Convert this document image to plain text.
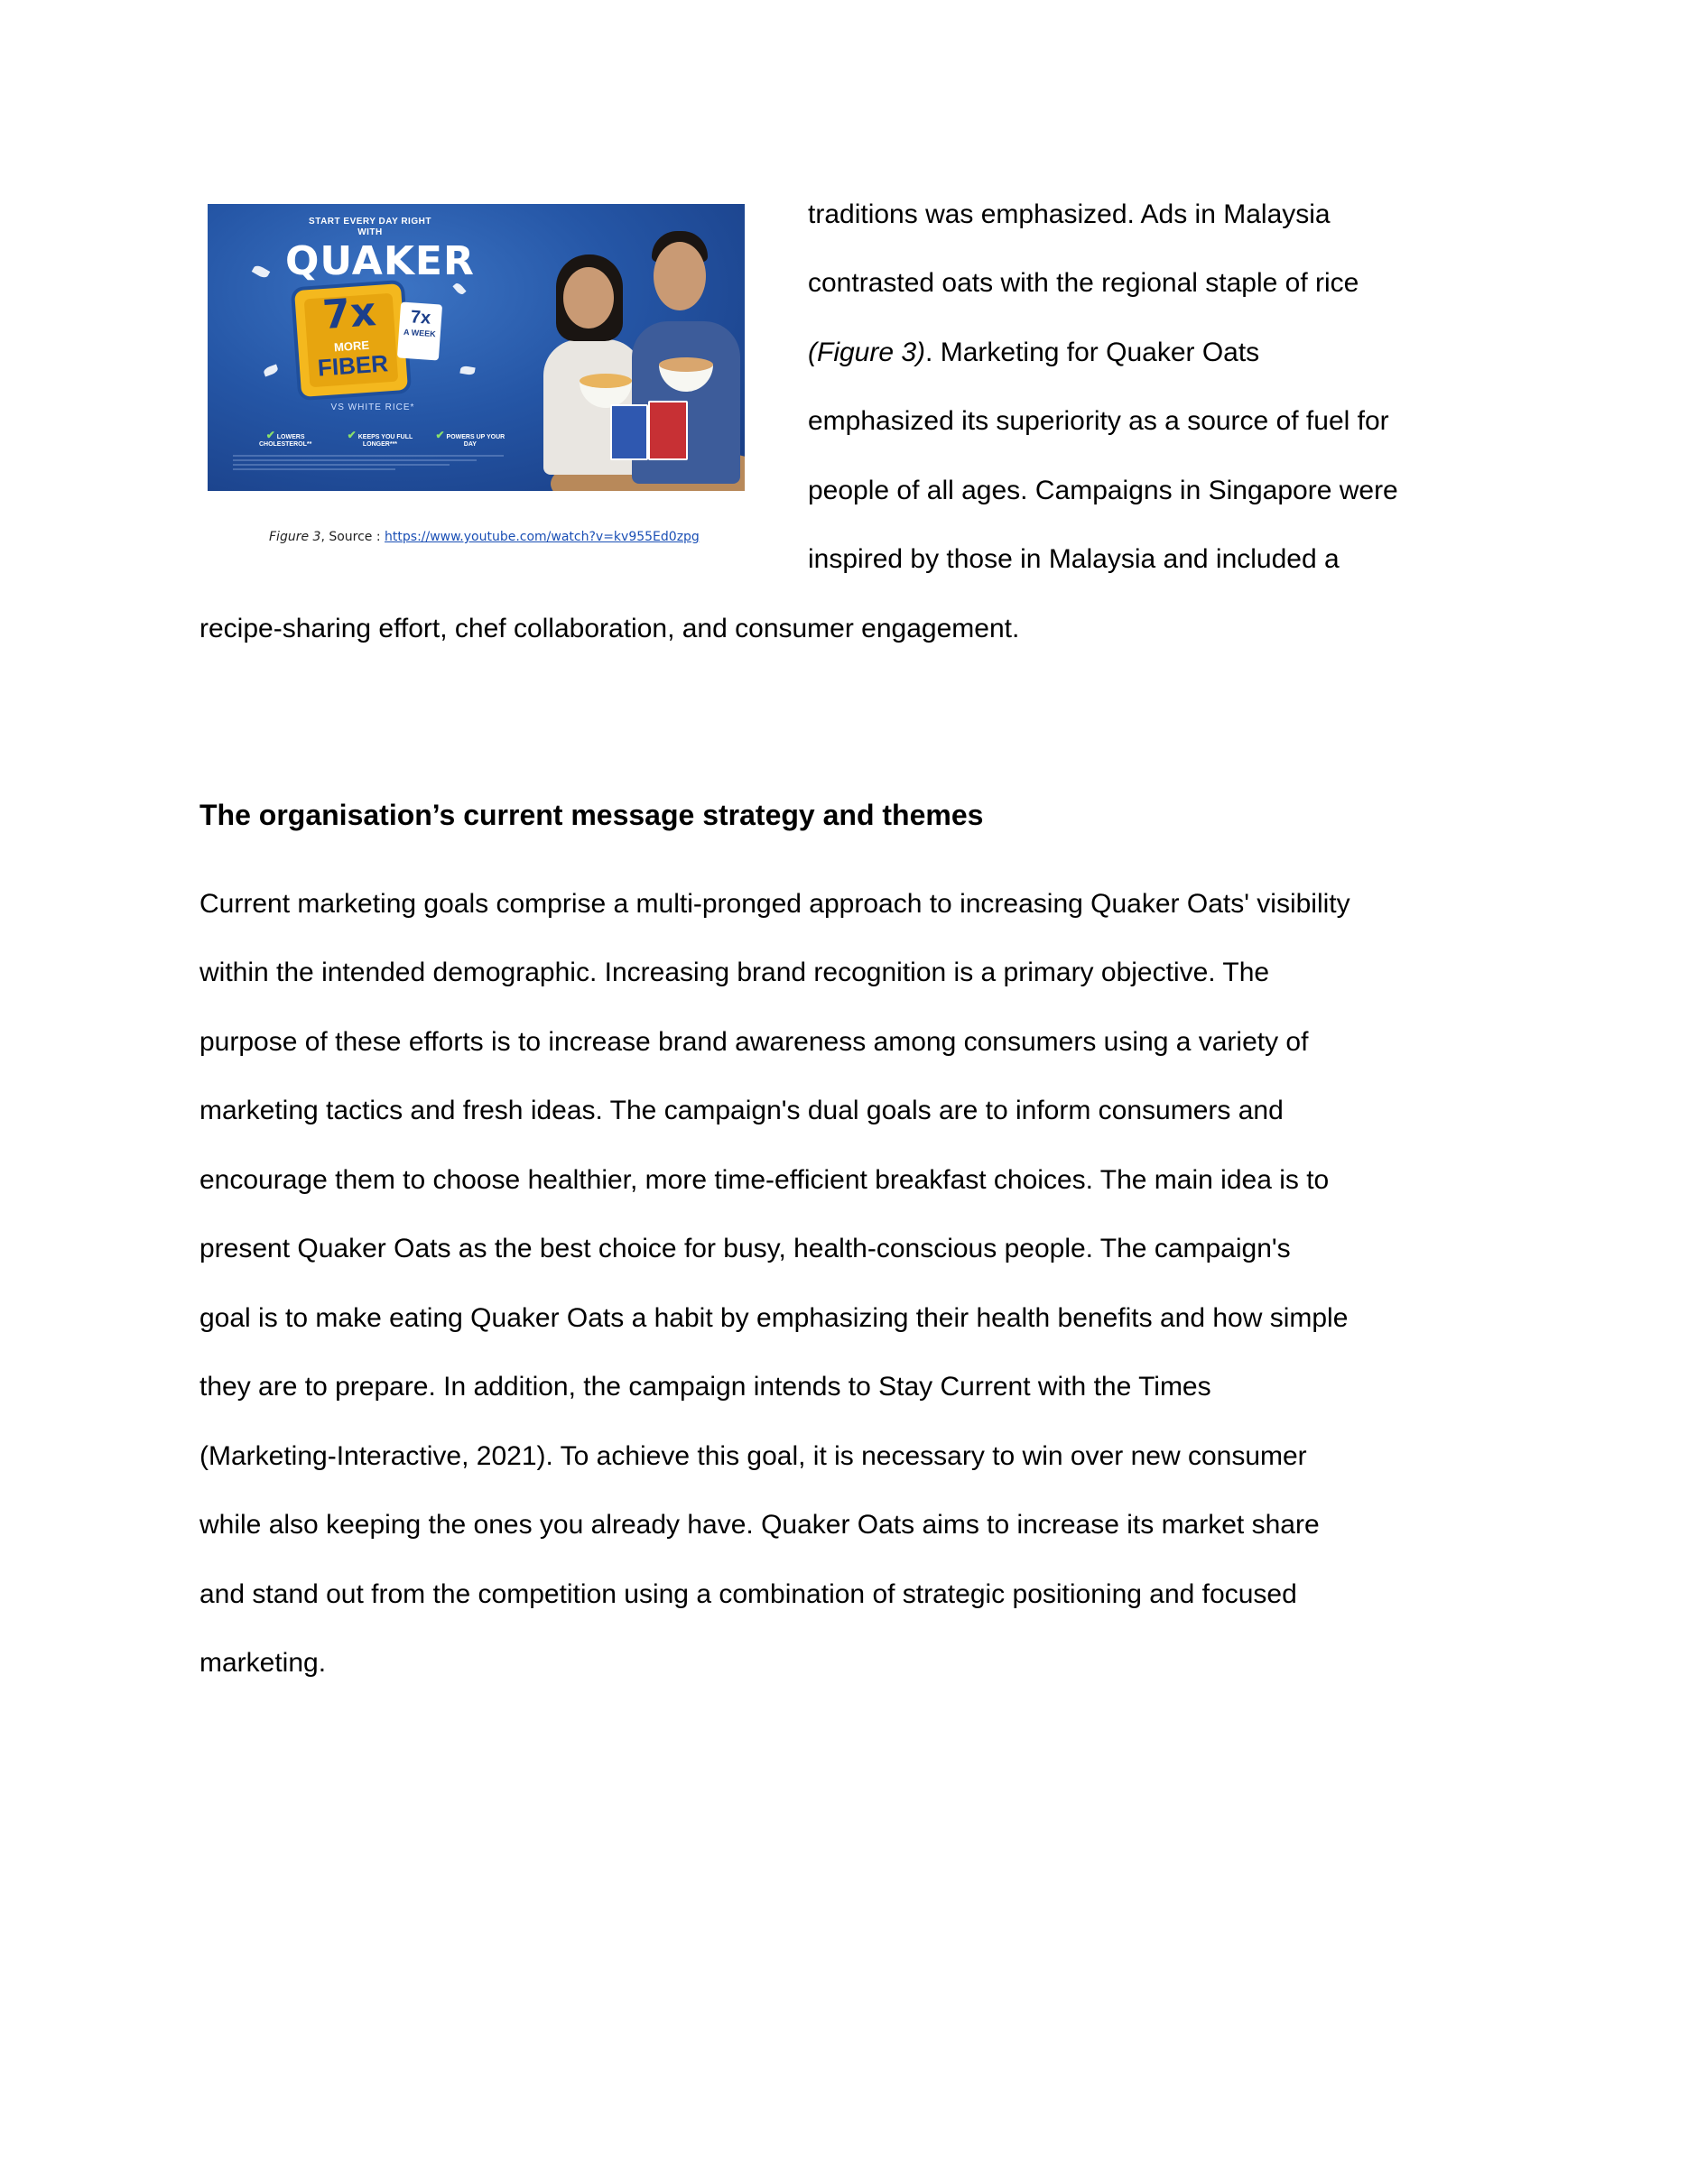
START EVERY DAY RIGHT
WITH
QUAKER
7x
MORE
FIBER
7x
A WEEK
VS WHITE RICE*
✔ LOWERS CHOLESTEROL**
✔ KEEPS YOU FULL LONGER***
✔ POWERS UP YOUR DAY
Figure 3, Source : https://www.youtube.com/watch?v=kv955Ed0zpg
traditions was emphasized. Ads in Malaysia
contrasted oats with the regional staple of rice
(Figure 3). Marketing for Quaker Oats
emphasized its superiority as a source of fuel for
people of all ages. Campaigns in Singapore were
inspired by those in Malaysia and included a
recipe-sharing effort, chef collaboration, and consumer engagement.
The organisation’s current message strategy and themes
Current marketing goals comprise a multi-pronged approach to increasing Quaker Oats' visibility
within the intended demographic. Increasing brand recognition is a primary objective. The
purpose of these efforts is to increase brand awareness among consumers using a variety of
marketing tactics and fresh ideas. The campaign's dual goals are to inform consumers and
encourage them to choose healthier, more time-efficient breakfast choices. The main idea is to
present Quaker Oats as the best choice for busy, health-conscious people. The campaign's
goal is to make eating Quaker Oats a habit by emphasizing their health benefits and how simple
they are to prepare. In addition, the campaign intends to Stay Current with the Times
(Marketing-Interactive, 2021). To achieve this goal, it is necessary to win over new consumer
while also keeping the ones you already have. Quaker Oats aims to increase its market share
and stand out from the competition using a combination of strategic positioning and focused
marketing.
